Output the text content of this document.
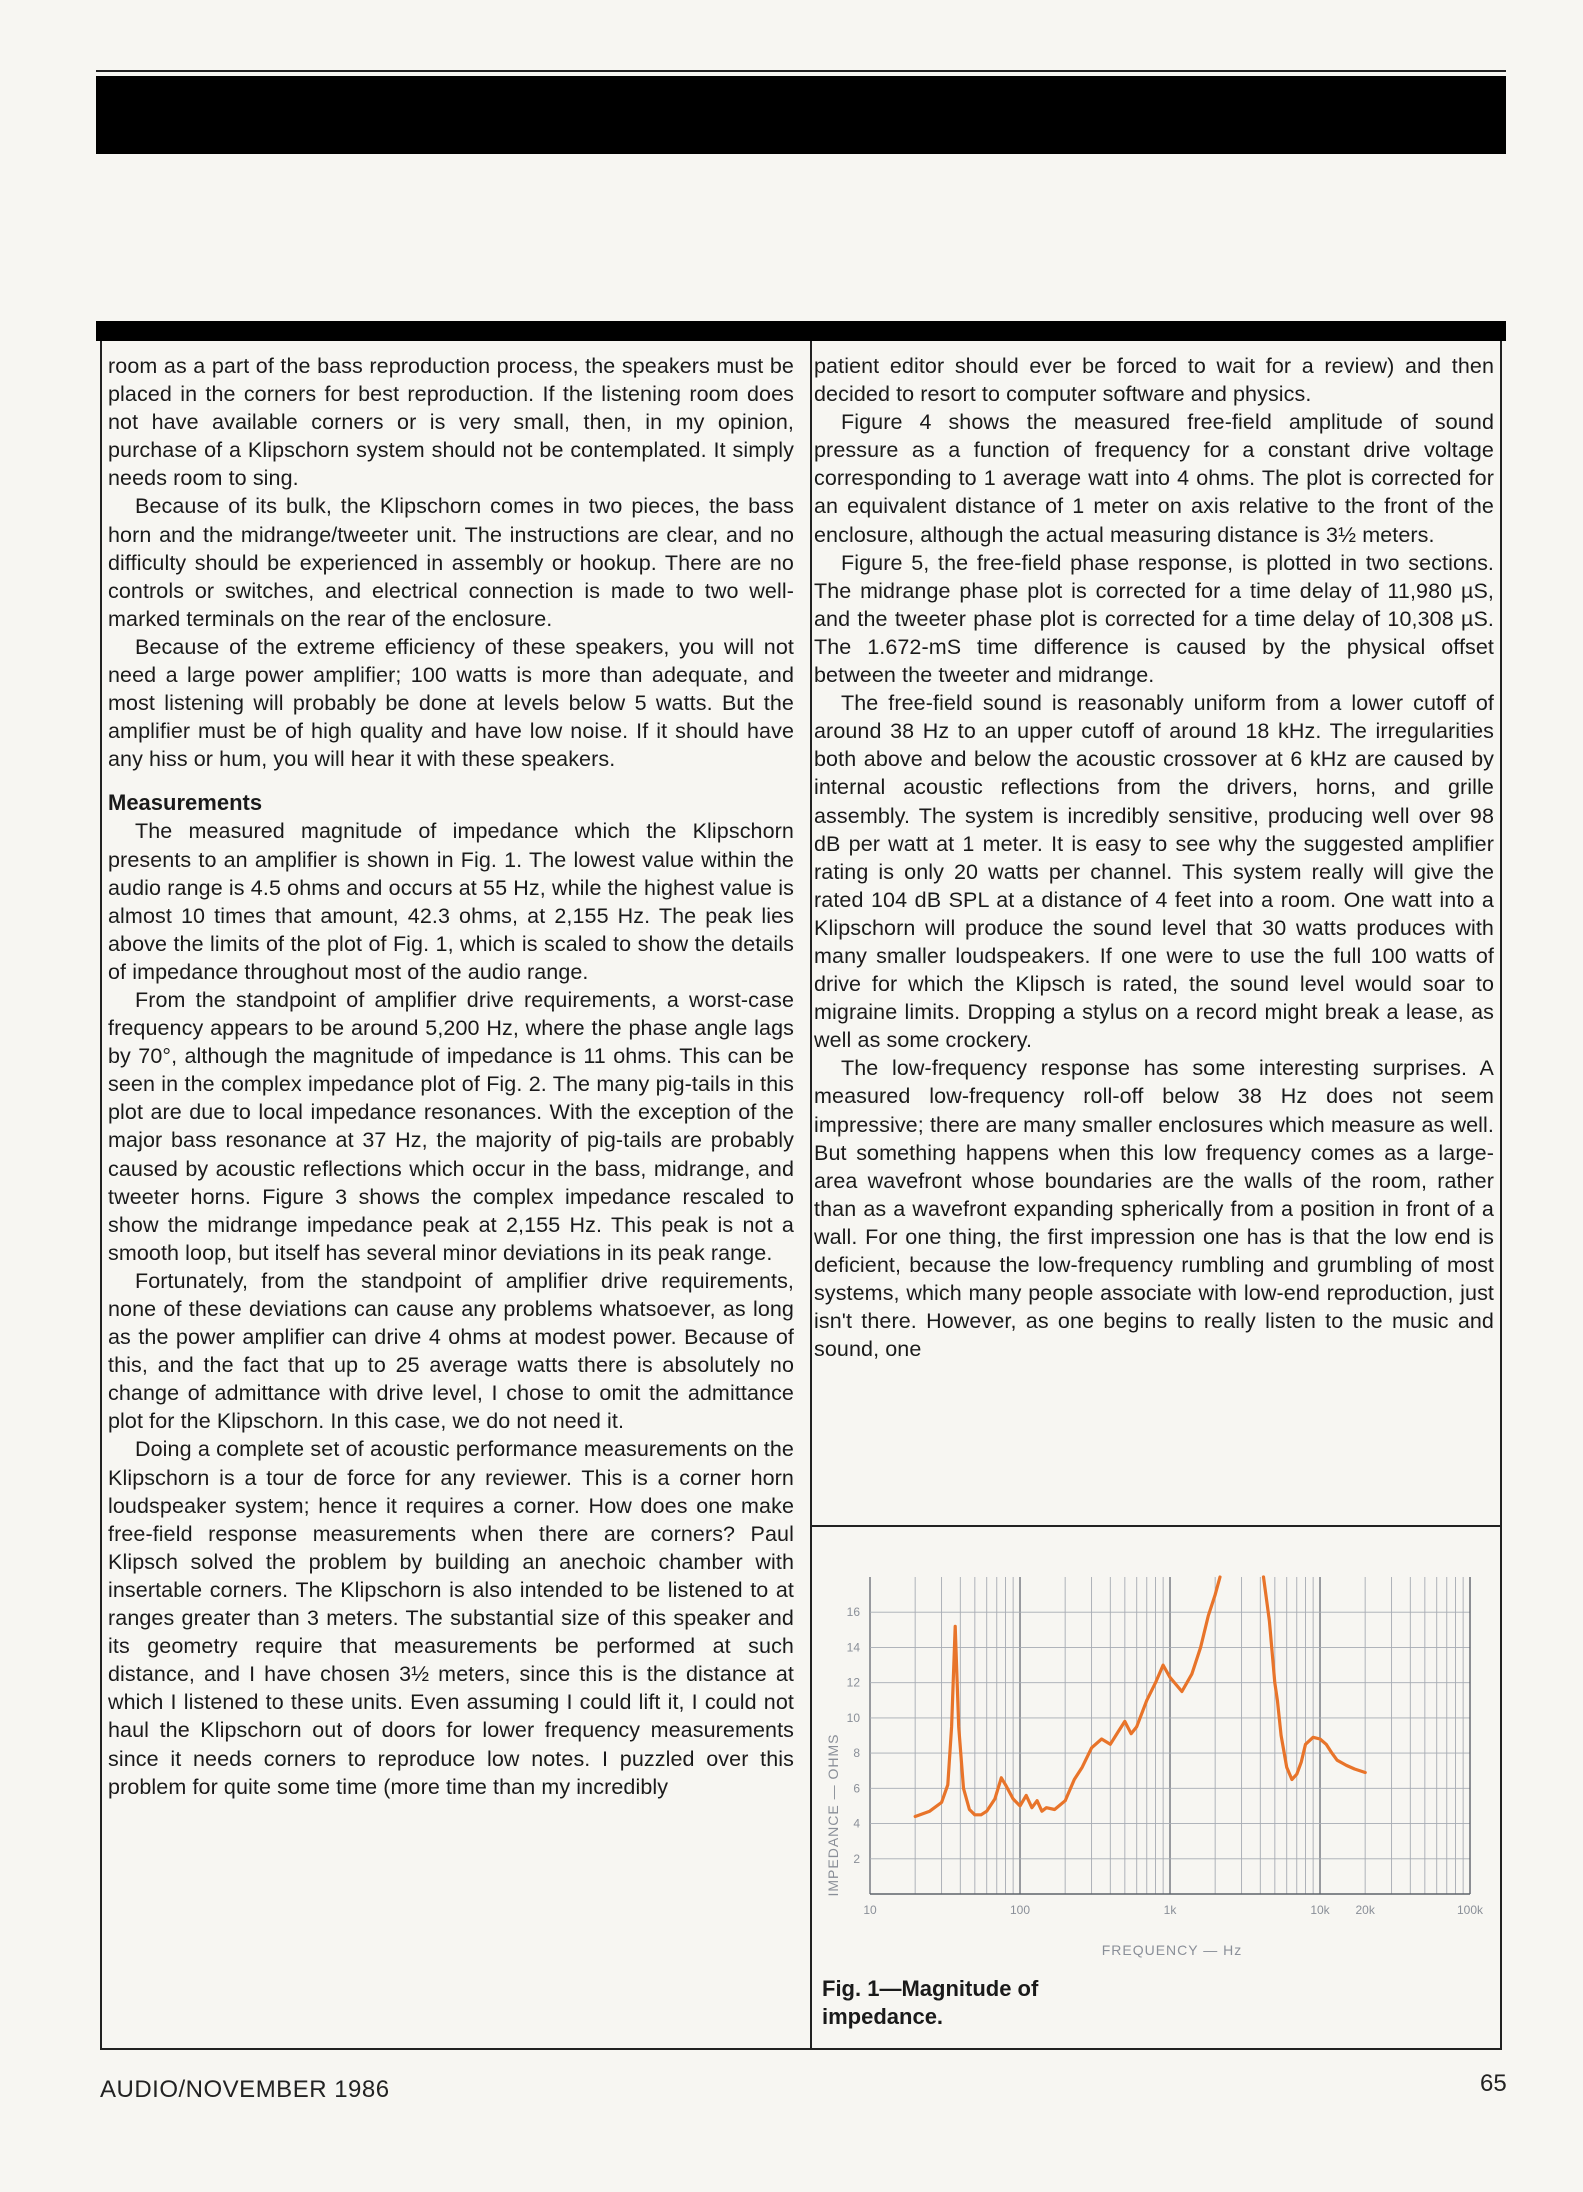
room as a part of the bass reproduction process, the speakers must be placed in the corners for best reproduction. If the listening room does not have available corners or is very small, then, in my opinion, purchase of a Klipschorn system should not be contemplated. It simply needs room to sing.

Because of its bulk, the Klipschorn comes in two pieces, the bass horn and the midrange/tweeter unit. The instructions are clear, and no difficulty should be experienced in assembly or hookup. There are no controls or switches, and electrical connection is made to two well-marked terminals on the rear of the enclosure.

Because of the extreme efficiency of these speakers, you will not need a large power amplifier; 100 watts is more than adequate, and most listening will probably be done at levels below 5 watts. But the amplifier must be of high quality and have low noise. If it should have any hiss or hum, you will hear it with these speakers.

Measurements

The measured magnitude of impedance which the Klipschorn presents to an amplifier is shown in Fig. 1. The lowest value within the audio range is 4.5 ohms and occurs at 55 Hz, while the highest value is almost 10 times that amount, 42.3 ohms, at 2,155 Hz. The peak lies above the limits of the plot of Fig. 1, which is scaled to show the details of impedance throughout most of the audio range.

From the standpoint of amplifier drive requirements, a worst-case frequency appears to be around 5,200 Hz, where the phase angle lags by 70°, although the magnitude of impedance is 11 ohms. This can be seen in the complex impedance plot of Fig. 2. The many pig-tails in this plot are due to local impedance resonances. With the exception of the major bass resonance at 37 Hz, the majority of pig-tails are probably caused by acoustic reflections which occur in the bass, midrange, and tweeter horns. Figure 3 shows the complex impedance rescaled to show the midrange impedance peak at 2,155 Hz. This peak is not a smooth loop, but itself has several minor deviations in its peak range.

Fortunately, from the standpoint of amplifier drive requirements, none of these deviations can cause any problems whatsoever, as long as the power amplifier can drive 4 ohms at modest power. Because of this, and the fact that up to 25 average watts there is absolutely no change of admittance with drive level, I chose to omit the admittance plot for the Klipschorn. In this case, we do not need it.

Doing a complete set of acoustic performance measurements on the Klipschorn is a tour de force for any reviewer. This is a corner horn loudspeaker system; hence it requires a corner. How does one make free-field response measurements when there are corners? Paul Klipsch solved the problem by building an anechoic chamber with insertable corners. The Klipschorn is also intended to be listened to at ranges greater than 3 meters. The substantial size of this speaker and its geometry require that measurements be performed at such distance, and I have chosen 3½ meters, since this is the distance at which I listened to these units. Even assuming I could lift it, I could not haul the Klipschorn out of doors for lower frequency measurements since it needs corners to reproduce low notes. I puzzled over this problem for quite some time (more time than my incredibly

patient editor should ever be forced to wait for a review) and then decided to resort to computer software and physics.

Figure 4 shows the measured free-field amplitude of sound pressure as a function of frequency for a constant drive voltage corresponding to 1 average watt into 4 ohms. The plot is corrected for an equivalent distance of 1 meter on axis relative to the front of the enclosure, although the actual measuring distance is 3½ meters.

Figure 5, the free-field phase response, is plotted in two sections. The midrange phase plot is corrected for a time delay of 11,980 µS, and the tweeter phase plot is corrected for a time delay of 10,308 µS. The 1.672-mS time difference is caused by the physical offset between the tweeter and midrange.

The free-field sound is reasonably uniform from a lower cutoff of around 38 Hz to an upper cutoff of around 18 kHz. The irregularities both above and below the acoustic crossover at 6 kHz are caused by internal acoustic reflections from the drivers, horns, and grille assembly. The system is incredibly sensitive, producing well over 98 dB per watt at 1 meter. It is easy to see why the suggested amplifier rating is only 20 watts per channel. This system really will give the rated 104 dB SPL at a distance of 4 feet into a room. One watt into a Klipschorn will produce the sound level that 30 watts produces with many smaller loudspeakers. If one were to use the full 100 watts of drive for which the Klipsch is rated, the sound level would soar to migraine limits. Dropping a stylus on a record might break a lease, as well as some crockery.

The low-frequency response has some interesting surprises. A measured low-frequency roll-off below 38 Hz does not seem impressive; there are many smaller enclosures which measure as well. But something happens when this low frequency comes as a large-area wavefront whose boundaries are the walls of the room, rather than as a wavefront expanding spherically from a position in front of a wall. For one thing, the first impression one has is that the low end is deficient, because the low-frequency rumbling and grumbling of most systems, which many people associate with low-end reproduction, just isn't there. However, as one begins to really listen to the music and sound, one

2
4
6
8
10
12
14
16
10	100	1k	10k 20k	100k
IMPEDANCE — OHMS
FREQUENCY — Hz
Fig. 1—Magnitude of impedance.
AUDIO/NOVEMBER 1986	65
